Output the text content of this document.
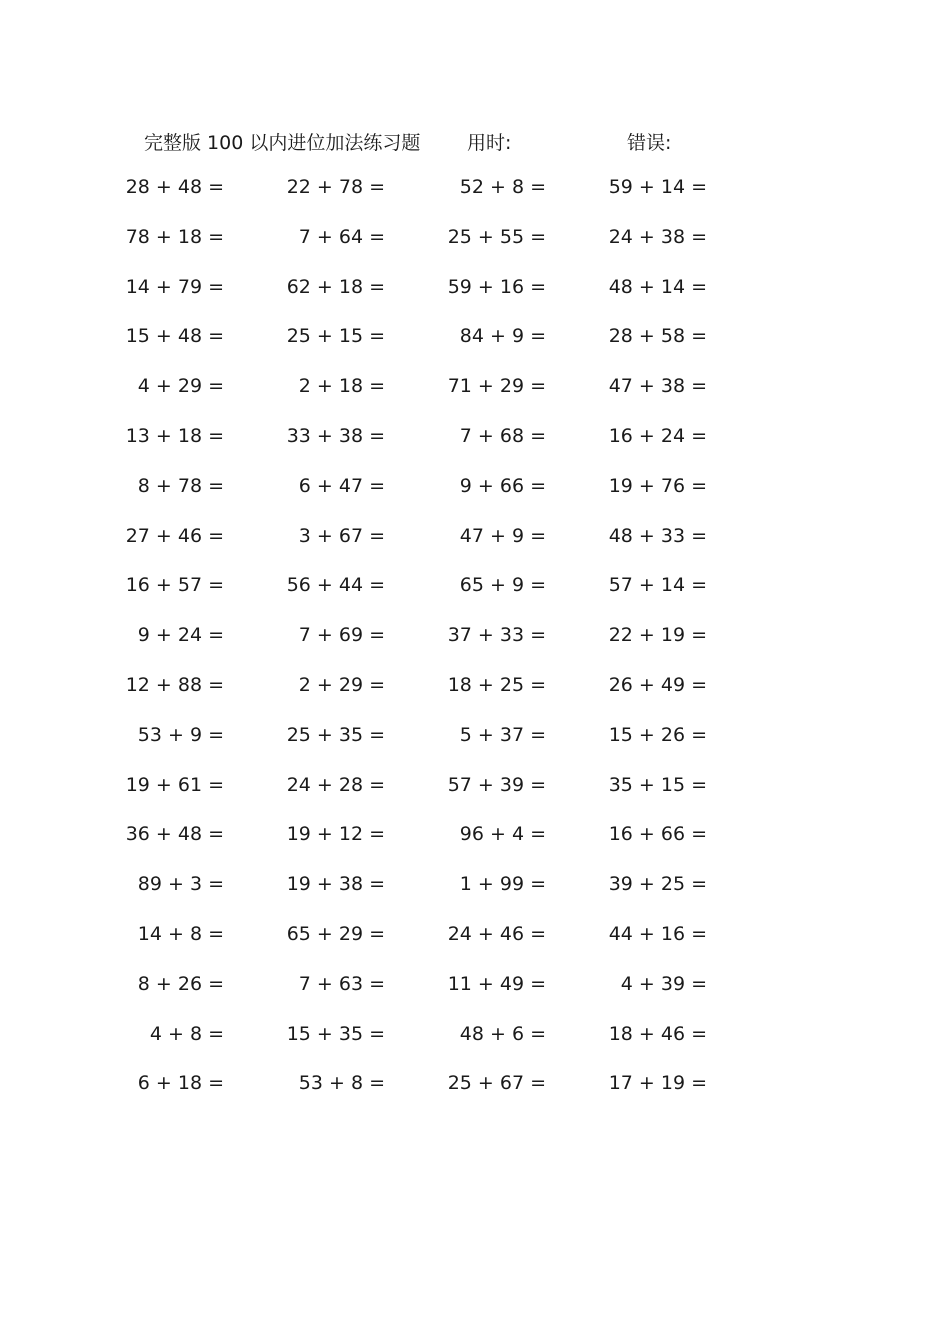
完整版 100 以内进位加法练习题 用时:	错误:
28 + 48 =	22 + 78 =	52 + 8 =	59 + 14 =
78 + 18 =	7 + 64 =	25 + 55 =	24 + 38 =
14 + 79 =	62 + 18 =	59 + 16 =	48 + 14 =
15 + 48 =	25 + 15 =	84 + 9 =	28 + 58 =
4 + 29 =	2 + 18 =	71 + 29 =	47 + 38 =
13 + 18 =	33 + 38 =	7 + 68 =	16 + 24 =
8 + 78 =	6 + 47 =	9 + 66 =	19 + 76 =
27 + 46 =	3 + 67 =	47 + 9 =	48 + 33 =
16 + 57 =	56 + 44 =	65 + 9 =	57 + 14 =
9 + 24 =	7 + 69 =	37 + 33 =	22 + 19 =
12 + 88 =	2 + 29 =	18 + 25 =	26 + 49 =
53 + 9 =	25 + 35 =	5 + 37 =	15 + 26 =
19 + 61 =	24 + 28 =	57 + 39 =	35 + 15 =
36 + 48 =	19 + 12 =	96 + 4 =	16 + 66 =
89 + 3 =	19 + 38 =	1 + 99 =	39 + 25 =
14 + 8 =	65 + 29 =	24 + 46 =	44 + 16 =
8 + 26 =	7 + 63 =	11 + 49 =	4 + 39 =
4 + 8 =	15 + 35 =	48 + 6 =	18 + 46 =
6 + 18 =	53 + 8 =	25 + 67 =	17 + 19 =
